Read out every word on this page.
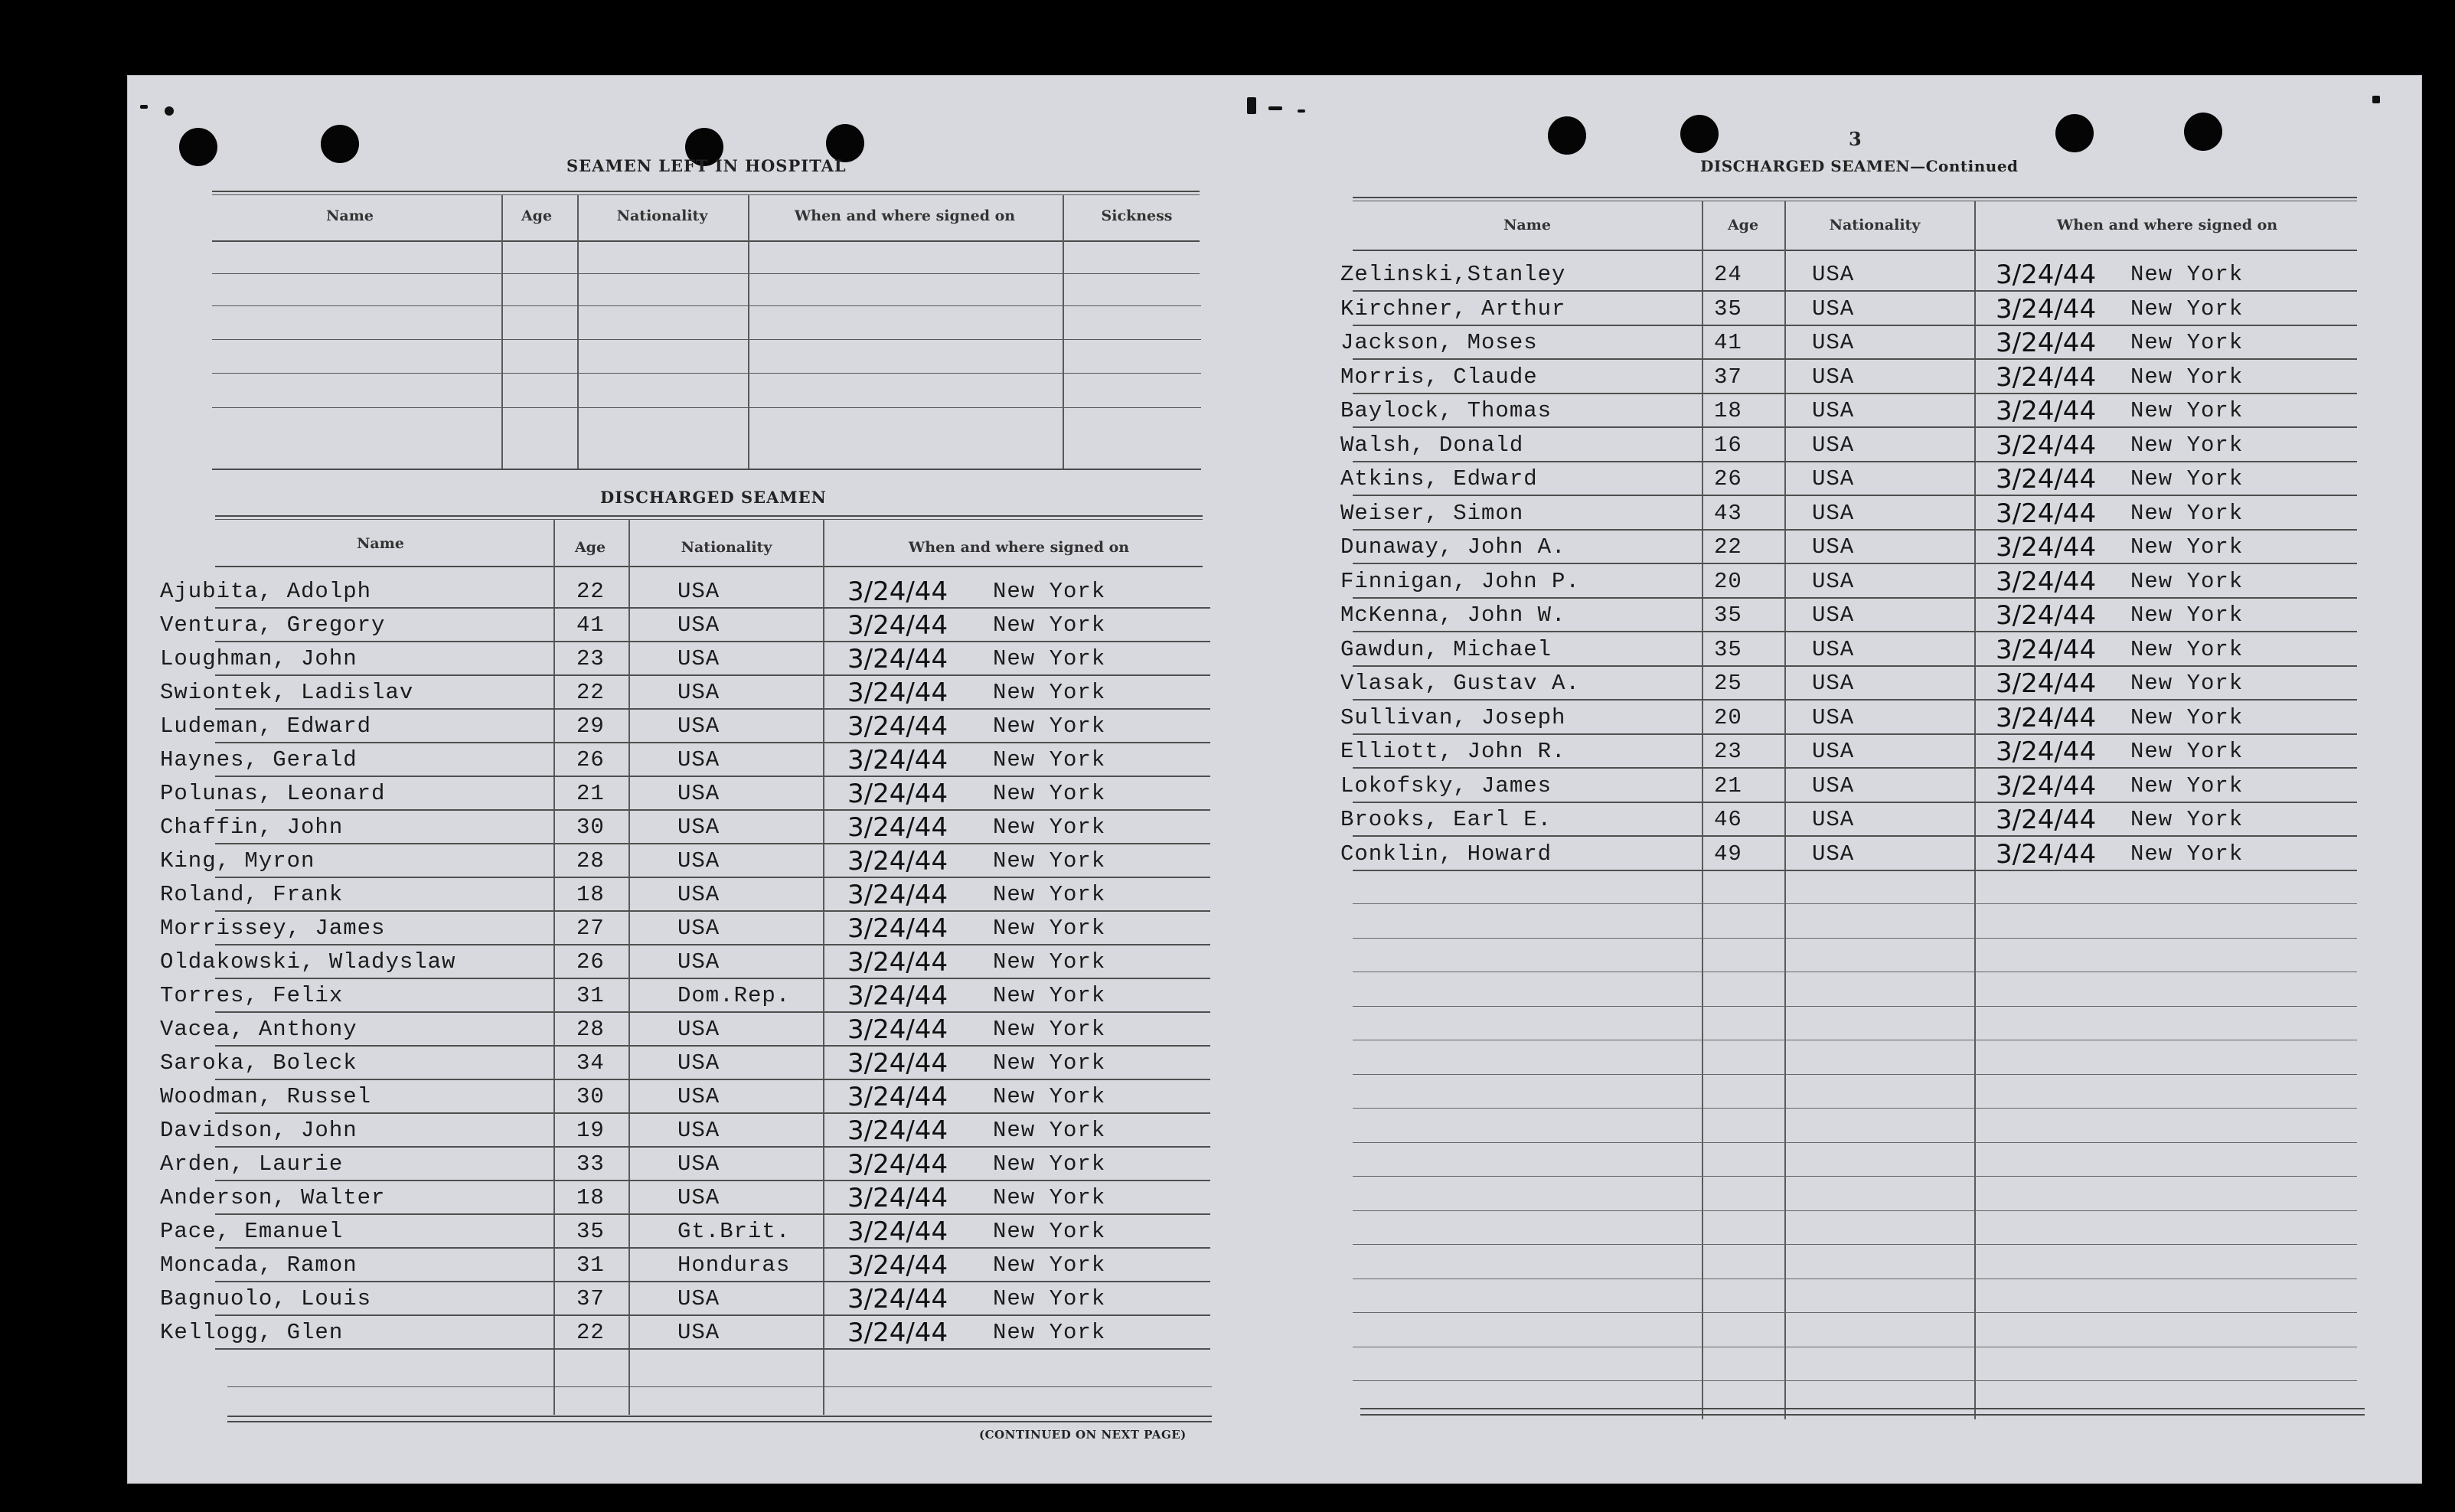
SEAMEN LEFT IN HOSPITAL
Name	Age	Nationality	When and where signed on	Sickness
DISCHARGED SEAMEN
Name	Age	Nationality	When and where signed on
Ajubita, Adolph	22	USA	3/24/44 New York
Ventura, Gregory	41	USA	3/24/44 New York
Loughman, John	23	USA	3/24/44 New York
Swiontek, Ladislav	22	USA	3/24/44 New York
Ludeman, Edward	29	USA	3/24/44 New York
Haynes, Gerald	26	USA	3/24/44 New York
Polunas, Leonard	21	USA	3/24/44 New York
Chaffin, John	30	USA	3/24/44 New York
King, Myron	28	USA	3/24/44 New York
Roland, Frank	18	USA	3/24/44 New York
Morrissey, James	27	USA	3/24/44 New York
Oldakowski, Wladyslaw	26	USA	3/24/44 New York
Torres, Felix	31	Dom.Rep. 3/24/44 New York
Vacea, Anthony	28	USA	3/24/44 New York
Saroka, Boleck	34	USA	3/24/44 New York
Woodman, Russel	30	USA	3/24/44 New York
Davidson, John	19	USA	3/24/44 New York
Arden, Laurie	33	USA	3/24/44 New York
Anderson, Walter	18	USA	3/24/44 New York
Pace, Emanuel	35	Gt.Brit. 3/24/44 New York
Moncada, Ramon	31	Honduras 3/24/44 New York
Bagnuolo, Louis	37	USA	3/24/44 New York
Kellogg, Glen	22	USA	3/24/44 New York
(CONTINUED ON NEXT PAGE)
3
DISCHARGED SEAMEN—Continued
Name	Age	Nationality	When and where signed on
Zelinski,Stanley	24	USA	3/24/44 New York
Kirchner, Arthur	35	USA	3/24/44 New York
Jackson, Moses	41	USA	3/24/44 New York
Morris, Claude	37	USA	3/24/44 New York
Baylock, Thomas	18	USA	3/24/44 New York
Walsh, Donald	16	USA	3/24/44 New York
Atkins, Edward	26	USA	3/24/44 New York
Weiser, Simon	43	USA	3/24/44 New York
Dunaway, John A.	22	USA	3/24/44 New York
Finnigan, John P.	20	USA	3/24/44 New York
McKenna, John W.	35	USA	3/24/44 New York
Gawdun, Michael	35	USA	3/24/44 New York
Vlasak, Gustav A.	25	USA	3/24/44 New York
Sullivan, Joseph	20	USA	3/24/44 New York
Elliott, John R.	23	USA	3/24/44 New York
Lokofsky, James	21	USA	3/24/44 New York
Brooks, Earl E.	46	USA	3/24/44 New York
Conklin, Howard	49	USA	3/24/44 New York
